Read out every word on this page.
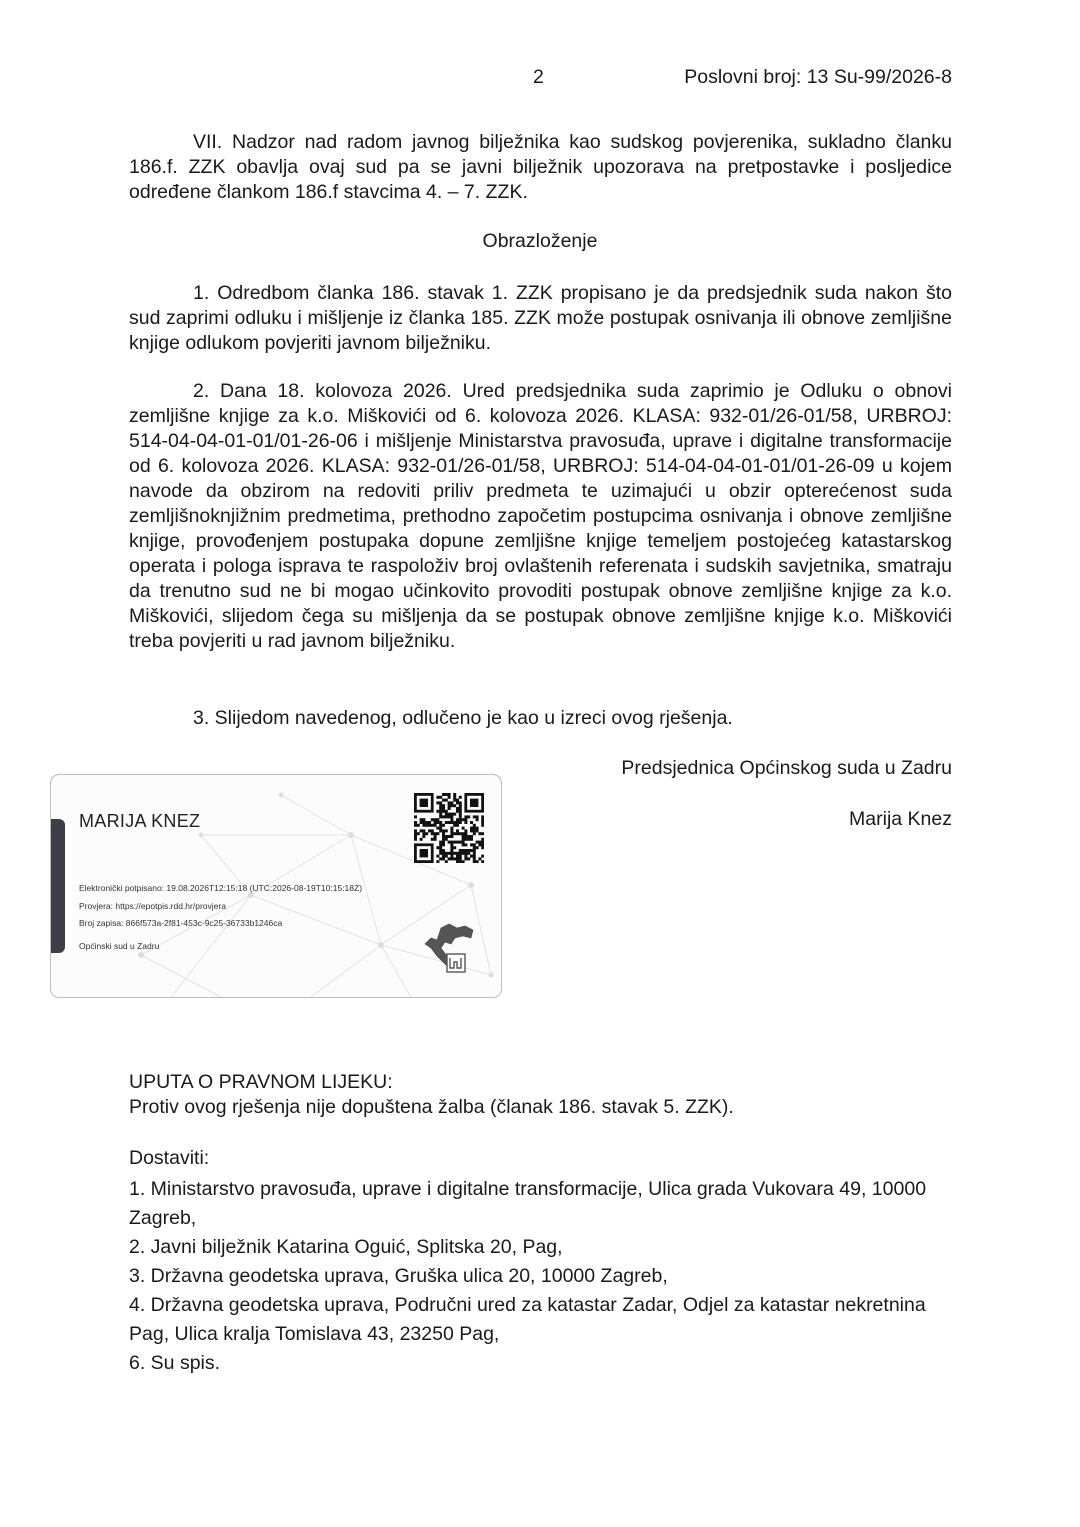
2	Poslovni broj: 13 Su-99/2026-8
VII. Nadzor nad radom javnog bilježnika kao sudskog povjerenika, sukladno članku 186.f. ZZK obavlja ovaj sud pa se javni bilježnik upozorava na pretpostavke i posljedice određene člankom 186.f stavcima 4. – 7. ZZK.
Obrazloženje
1. Odredbom članka 186. stavak 1. ZZK propisano je da predsjednik suda nakon što sud zaprimi odluku i mišljenje iz članka 185. ZZK može postupak osnivanja ili obnove zemljišne knjige odlukom povjeriti javnom bilježniku.
2. Dana 18. kolovoza 2026. Ured predsjednika suda zaprimio je Odluku o obnovi zemljišne knjige za k.o. Miškovići od 6. kolovoza 2026. KLASA: 932-01/26-01/58, URBROJ: 514-04-04-01-01/01-26-06 i mišljenje Ministarstva pravosuđa, uprave i digitalne transformacije od 6. kolovoza 2026. KLASA: 932-01/26-01/58, URBROJ: 514-04-04-01-01/01-26-09 u kojem navode da obzirom na redoviti priliv predmeta te uzimajući u obzir opterećenost suda zemljišnoknjižnim predmetima, prethodno započetim postupcima osnivanja i obnove zemljišne knjige, provođenjem postupaka dopune zemljišne knjige temeljem postojećeg katastarskog operata i pologa isprava te raspoloživ broj ovlaštenih referenata i sudskih savjetnika, smatraju da trenutno sud ne bi mogao učinkovito provoditi postupak obnove zemljišne knjige za k.o. Miškovići, slijedom čega su mišljenja da se postupak obnove zemljišne knjige k.o. Miškovići treba povjeriti u rad javnom bilježniku.
3. Slijedom navedenog, odlučeno je kao u izreci ovog rješenja.
Predsjednica Općinskog suda u Zadru
Marija Knez
MARIJA KNEZ
Elektronički potpisano: 19.08.2026T12:15:18 (UTC:2026-08-19T10:15:18Z)
Provjera: https://epotpis.rdd.hr/provjera
Broj zapisa: 866f573a-2f81-453c-9c25-36733b1246ca
Općinski sud u Zadru
UPUTA O PRAVNOM LIJEKU:
Protiv ovog rješenja nije dopuštena žalba (članak 186. stavak 5. ZZK).
Dostaviti:
1. Ministarstvo pravosuđa, uprave i digitalne transformacije, Ulica grada Vukovara 49, 10000 Zagreb,
2. Javni bilježnik Katarina Oguić, Splitska 20, Pag,
3. Državna geodetska uprava, Gruška ulica 20, 10000 Zagreb,
4. Državna geodetska uprava, Područni ured za katastar Zadar, Odjel za katastar nekretnina Pag, Ulica kralja Tomislava 43, 23250 Pag,
6. Su spis.
